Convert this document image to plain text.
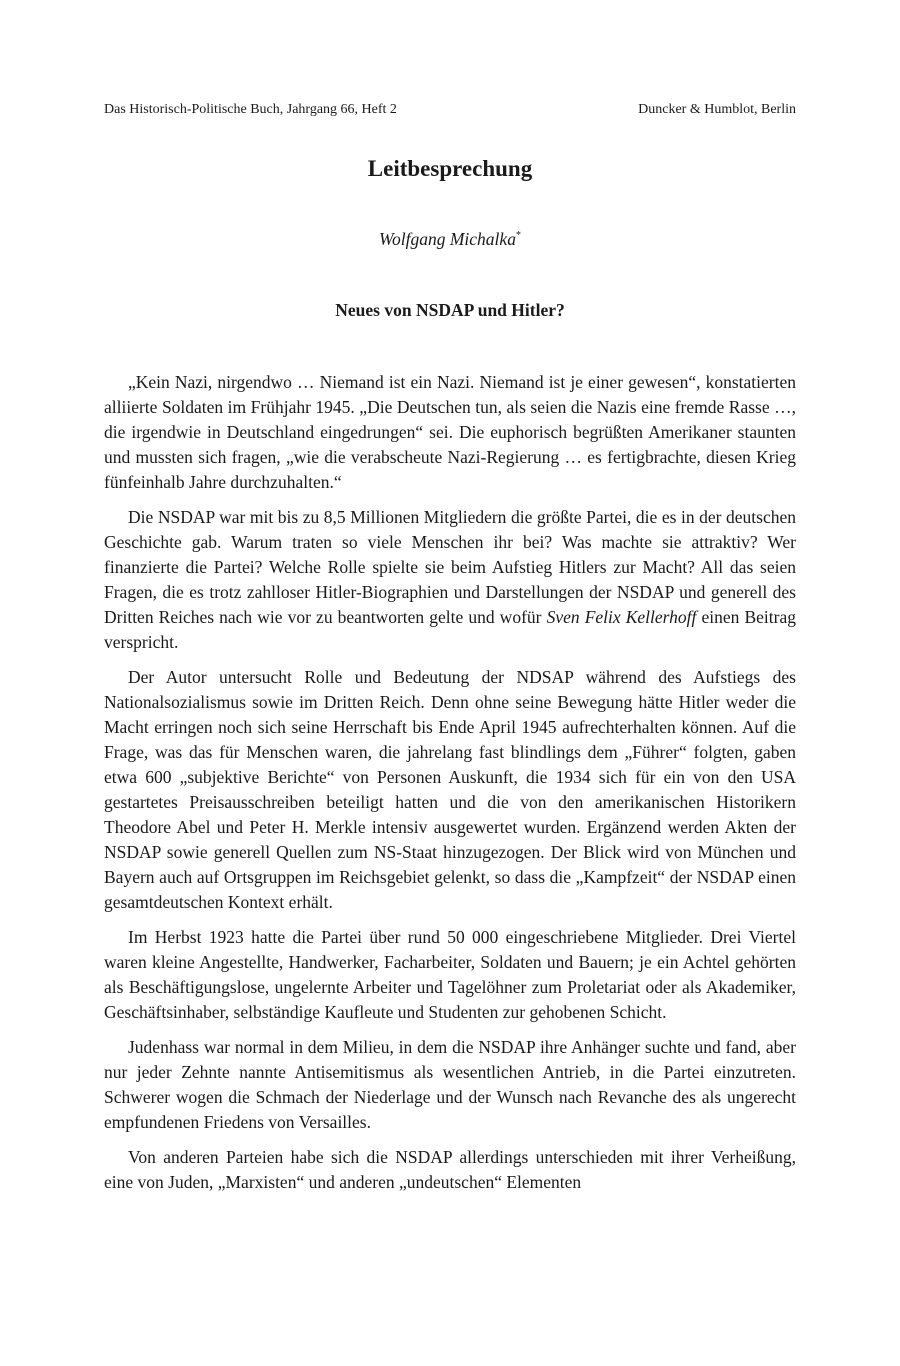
Das Historisch-Politische Buch, Jahrgang 66, Heft 2	Duncker & Humblot, Berlin
Leitbesprechung
Wolfgang Michalka*
Neues von NSDAP und Hitler?

„Kein Nazi, nirgendwo … Niemand ist ein Nazi. Niemand ist je einer gewesen“, konstatierten alliierte Soldaten im Frühjahr 1945. „Die Deutschen tun, als seien die Nazis eine fremde Rasse …, die irgendwie in Deutschland eingedrungen“ sei. Die euphorisch begrüßten Amerikaner staunten und mussten sich fragen, „wie die verabscheute Nazi-Regierung … es fertigbrachte, diesen Krieg fünfeinhalb Jahre durchzuhalten.“

Die NSDAP war mit bis zu 8,5 Millionen Mitgliedern die größte Partei, die es in der deutschen Geschichte gab. Warum traten so viele Menschen ihr bei? Was machte sie attraktiv? Wer finanzierte die Partei? Welche Rolle spielte sie beim Aufstieg Hitlers zur Macht? All das seien Fragen, die es trotz zahlloser Hitler-Biographien und Darstellungen der NSDAP und generell des Dritten Reiches nach wie vor zu beantworten gelte und wofür Sven Felix Kellerhoff einen Beitrag verspricht.

Der Autor untersucht Rolle und Bedeutung der NDSAP während des Aufstiegs des Nationalsozialismus sowie im Dritten Reich. Denn ohne seine Bewegung hätte Hitler weder die Macht erringen noch sich seine Herrschaft bis Ende April 1945 aufrechterhalten können. Auf die Frage, was das für Menschen waren, die jahrelang fast blindlings dem „Führer“ folgten, gaben etwa 600 „subjektive Berichte“ von Personen Auskunft, die 1934 sich für ein von den USA gestartetes Preisausschreiben beteiligt hatten und die von den amerikanischen Historikern Theodore Abel und Peter H. Merkle intensiv ausgewertet wurden. Ergänzend werden Akten der NSDAP sowie generell Quellen zum NS-Staat hinzugezogen. Der Blick wird von München und Bayern auch auf Ortsgruppen im Reichsgebiet gelenkt, so dass die „Kampfzeit“ der NSDAP einen gesamtdeutschen Kontext erhält.

Im Herbst 1923 hatte die Partei über rund 50 000 eingeschriebene Mitglieder. Drei Viertel waren kleine Angestellte, Handwerker, Facharbeiter, Soldaten und Bauern; je ein Achtel gehörten als Beschäftigungslose, ungelernte Arbeiter und Tagelöhner zum Proletariat oder als Akademiker, Geschäftsinhaber, selbständige Kaufleute und Studenten zur gehobenen Schicht.

Judenhass war normal in dem Milieu, in dem die NSDAP ihre Anhänger suchte und fand, aber nur jeder Zehnte nannte Antisemitismus als wesentlichen Antrieb, in die Partei einzutreten. Schwerer wogen die Schmach der Niederlage und der Wunsch nach Revanche des als ungerecht empfundenen Friedens von Versailles.

Von anderen Parteien habe sich die NSDAP allerdings unterschieden mit ihrer Verheißung, eine von Juden, „Marxisten“ und anderen „undeutschen“ Elementen
